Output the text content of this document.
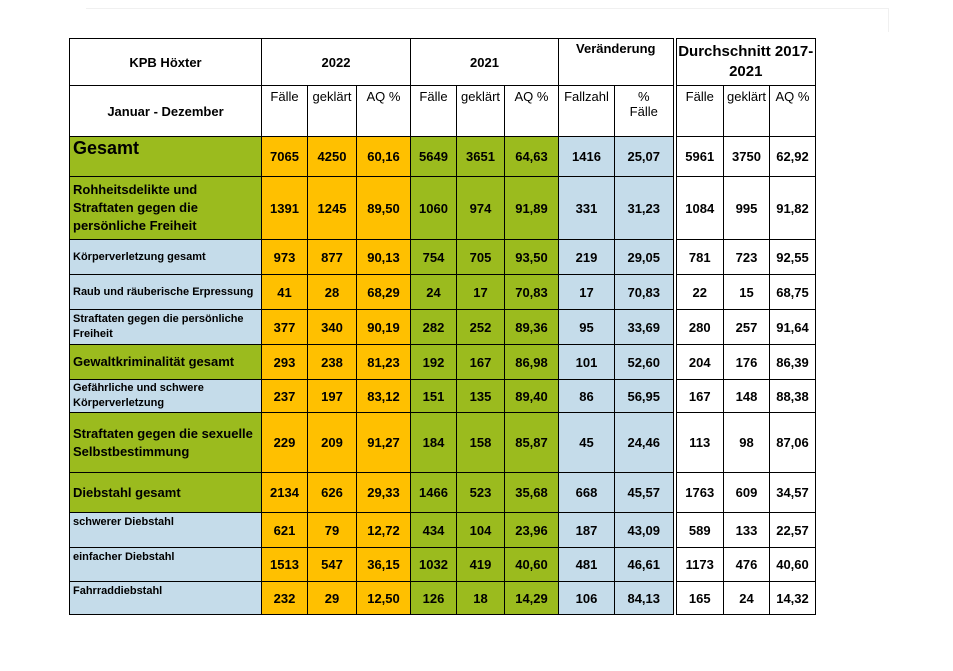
KPB Höxter	2022			2021			Veränderung		Durchschnitt 2017-2021		
Januar - Dezember	Fälle	geklärt	AQ %	Fälle	geklärt	AQ %	Fallzahl	% Fälle	Fälle	geklärt	AQ %
Gesamt	7065	4250	60,16	5649	3651	64,63	1416	25,07	5961	3750	62,92
Rohheitsdelikte und Straftaten gegen die persönliche Freiheit	1391	1245	89,50	1060	974	91,89	331	31,23	1084	995	91,82
Körperverletzung gesamt	973	877	90,13	754	705	93,50	219	29,05	781	723	92,55
Raub und räuberische Erpressung	41	28	68,29	24	17	70,83	17	70,83	22	15	68,75
Straftaten gegen die persönliche Freiheit	377	340	90,19	282	252	89,36	95	33,69	280	257	91,64
Gewaltkriminalität gesamt	293	238	81,23	192	167	86,98	101	52,60	204	176	86,39
Gefährliche und schwere Körperverletzung	237	197	83,12	151	135	89,40	86	56,95	167	148	88,38
Straftaten gegen die sexuelle Selbstbestimmung	229	209	91,27	184	158	85,87	45	24,46	113	98	87,06
Diebstahl gesamt	2134	626	29,33	1466	523	35,68	668	45,57	1763	609	34,57
schwerer Diebstahl	621	79	12,72	434	104	23,96	187	43,09	589	133	22,57
einfacher Diebstahl	1513	547	36,15	1032	419	40,60	481	46,61	1173	476	40,60
Fahrraddiebstahl	232	29	12,50	126	18	14,29	106	84,13	165	24	14,32
